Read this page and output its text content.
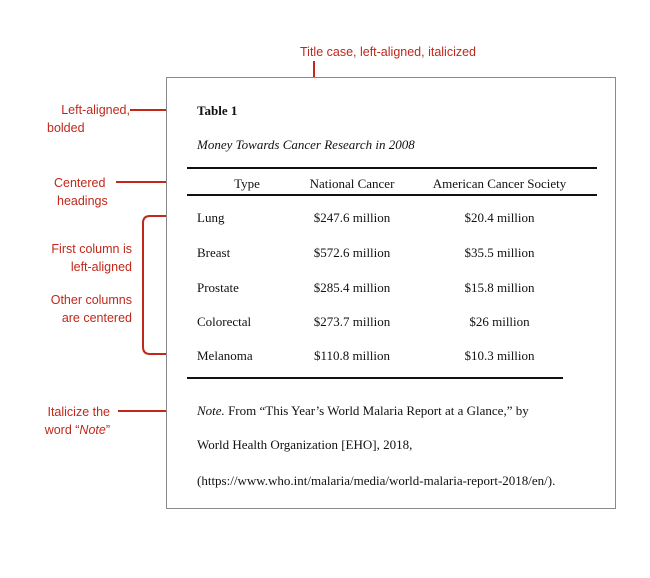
Title case, left-aligned, italicized
Left-aligned,
bolded
Centered
headings
First column is
left-aligned
Other columns
are centered
Italicize the
word “Note”
Table 1
Money Towards Cancer Research in 2008
Type	National Cancer	American Cancer Society
Lung	$247.6 million	$20.4 million
Breast	$572.6 million	$35.5 million
Prostate	$285.4 million	$15.8 million
Colorectal	$273.7 million	$26 million
Melanoma	$110.8 million	$10.3 million
Note. From “This Year’s World Malaria Report at a Glance,” by
World Health Organization [EHO], 2018,
(https://www.who.int/malaria/media/world-malaria-report-2018/en/).
